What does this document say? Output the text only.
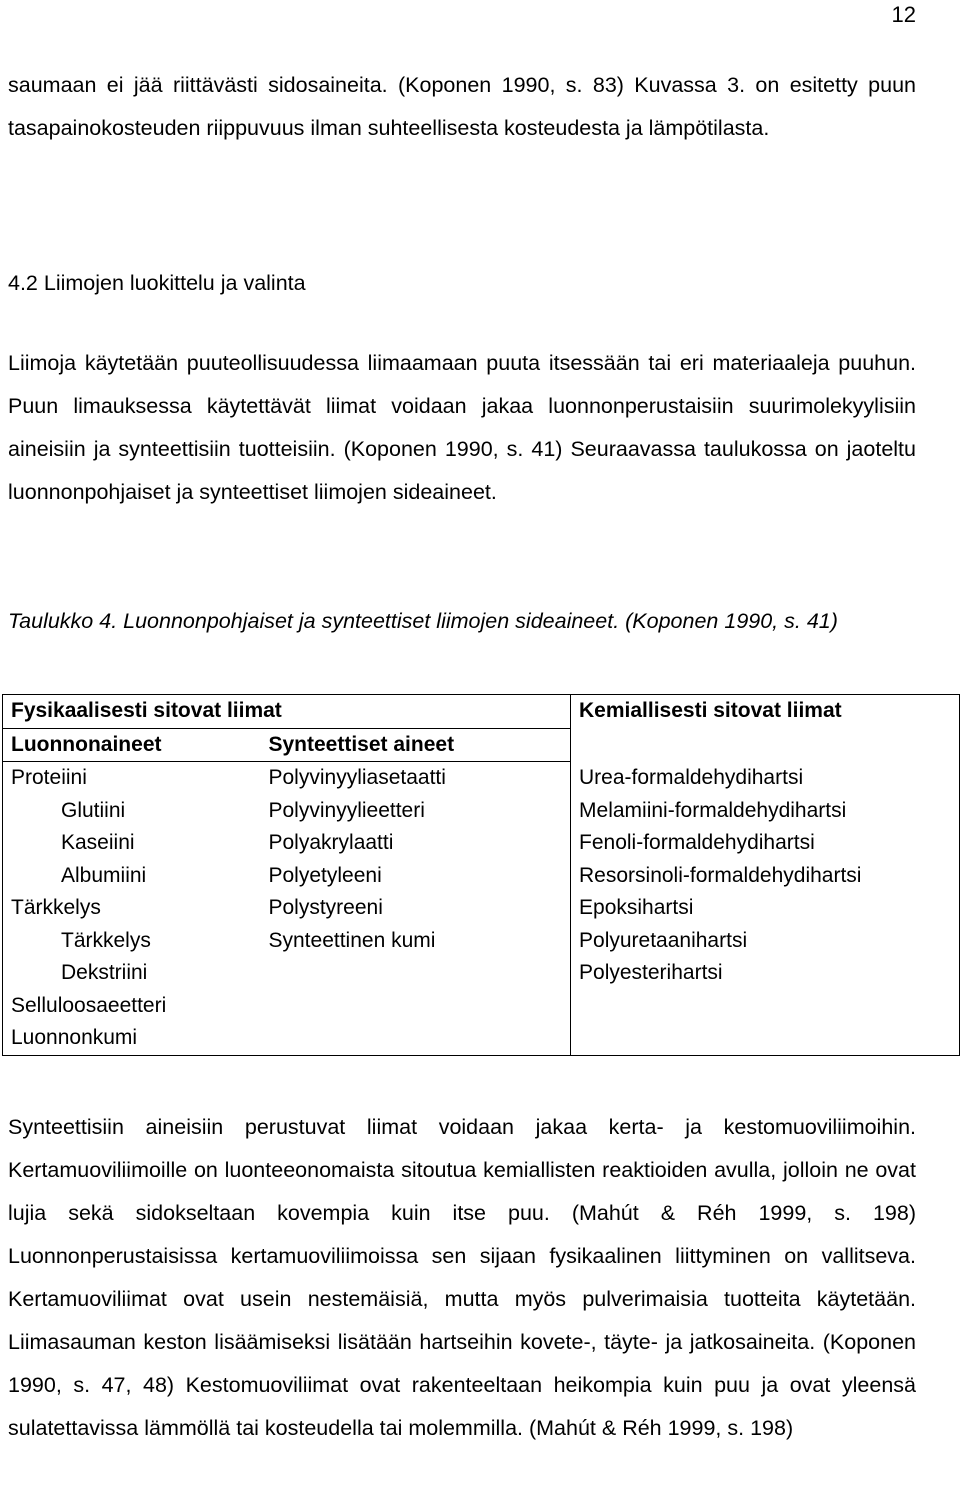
12
saumaan ei jää riittävästi sidosaineita. (Koponen 1990, s. 83) Kuvassa 3. on esitetty puun tasapainokosteuden riippuvuus ilman suhteellisesta kosteudesta ja lämpötilasta.
4.2 Liimojen luokittelu ja valinta
Liimoja käytetään puuteollisuudessa liimaamaan puuta itsessään tai eri materiaaleja puuhun. Puun limauksessa käytettävät liimat voidaan jakaa luonnonperustaisiin suurimolekyylisiin aineisiin ja synteettisiin tuotteisiin. (Koponen 1990, s. 41) Seuraavassa taulukossa on jaoteltu luonnonpohjaiset ja synteettiset liimojen sideaineet.
Taulukko 4. Luonnonpohjaiset ja synteettiset liimojen sideaineet. (Koponen 1990, s. 41)
Fysikaalisesti sitovat liimat		Kemiallisesti sitovat liimat
Luonnonaineet	Synteettiset aineet	
Proteiini	Polyvinyyliasetaatti	Urea-formaldehydihartsi
Glutiini	Polyvinyylieetteri	Melamiini-formaldehydihartsi
Kaseiini	Polyakrylaatti	Fenoli-formaldehydihartsi
Albumiini	Polyetyleeni	Resorsinoli-formaldehydihartsi
Tärkkelys	Polystyreeni	Epoksihartsi
Tärkkelys	Synteettinen kumi	Polyuretaanihartsi
Dekstriini		Polyesterihartsi
Selluloosaeetteri		
Luonnonkumi		
Synteettisiin aineisiin perustuvat liimat voidaan jakaa kerta- ja kestomuoviliimoihin. Kertamuoviliimoille on luonteeonomaista sitoutua kemiallisten reaktioiden avulla, jolloin ne ovat lujia sekä sidokseltaan kovempia kuin itse puu. (Mahút & Réh 1999, s. 198) Luonnonperustaisissa kertamuoviliimoissa sen sijaan fysikaalinen liittyminen on vallitseva. Kertamuoviliimat ovat usein nestemäisiä, mutta myös pulverimaisia tuotteita käytetään. Liimasauman keston lisäämiseksi lisätään hartseihin kovete-, täyte- ja jatkosaineita. (Koponen 1990, s. 47, 48) Kestomuoviliimat ovat rakenteeltaan heikompia kuin puu ja ovat yleensä sulatettavissa lämmöllä tai kosteudella tai molemmilla. (Mahút & Réh 1999, s. 198)
